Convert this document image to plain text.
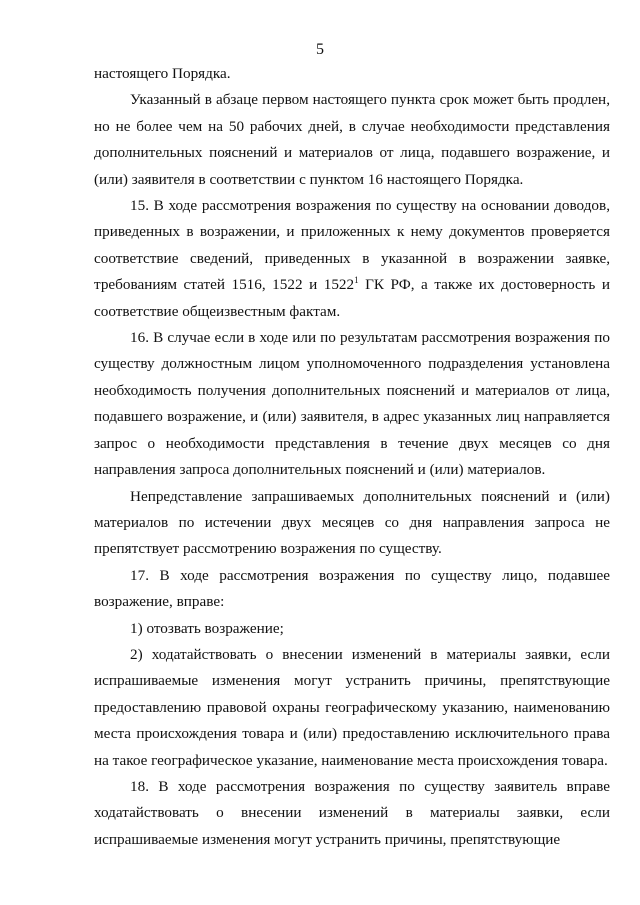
5

настоящего Порядка.

Указанный в абзаце первом настоящего пункта срок может быть продлен, но не более чем на 50 рабочих дней, в случае необходимости представления дополнительных пояснений и материалов от лица, подавшего возражение, и (или) заявителя в соответствии с пунктом 16 настоящего Порядка.

15. В ходе рассмотрения возражения по существу на основании доводов, приведенных в возражении, и приложенных к нему документов проверяется соответствие сведений, приведенных в указанной в возражении заявке, требованиям статей 1516, 1522 и 1522$^1$ ГК РФ, а также их достоверность и соответствие общеизвестным фактам.

16. В случае если в ходе или по результатам рассмотрения возражения по существу должностным лицом уполномоченного подразделения установлена необходимость получения дополнительных пояснений и материалов от лица, подавшего возражение, и (или) заявителя, в адрес указанных лиц направляется запрос о необходимости представления в течение двух месяцев со дня направления запроса дополнительных пояснений и (или) материалов.

Непредставление запрашиваемых дополнительных пояснений и (или) материалов по истечении двух месяцев со дня направления запроса не препятствует рассмотрению возражения по существу.

17. В ходе рассмотрения возражения по существу лицо, подавшее возражение, вправе:

1) отозвать возражение;

2) ходатайствовать о внесении изменений в материалы заявки, если испрашиваемые изменения могут устранить причины, препятствующие предоставлению правовой охраны географическому указанию, наименованию места происхождения товара и (или) предоставлению исключительного права на такое географическое указание, наименование места происхождения товара.

18. В ходе рассмотрения возражения по существу заявитель вправе ходатайствовать о внесении изменений в материалы заявки, если испрашиваемые изменения могут устранить причины, препятствующие
